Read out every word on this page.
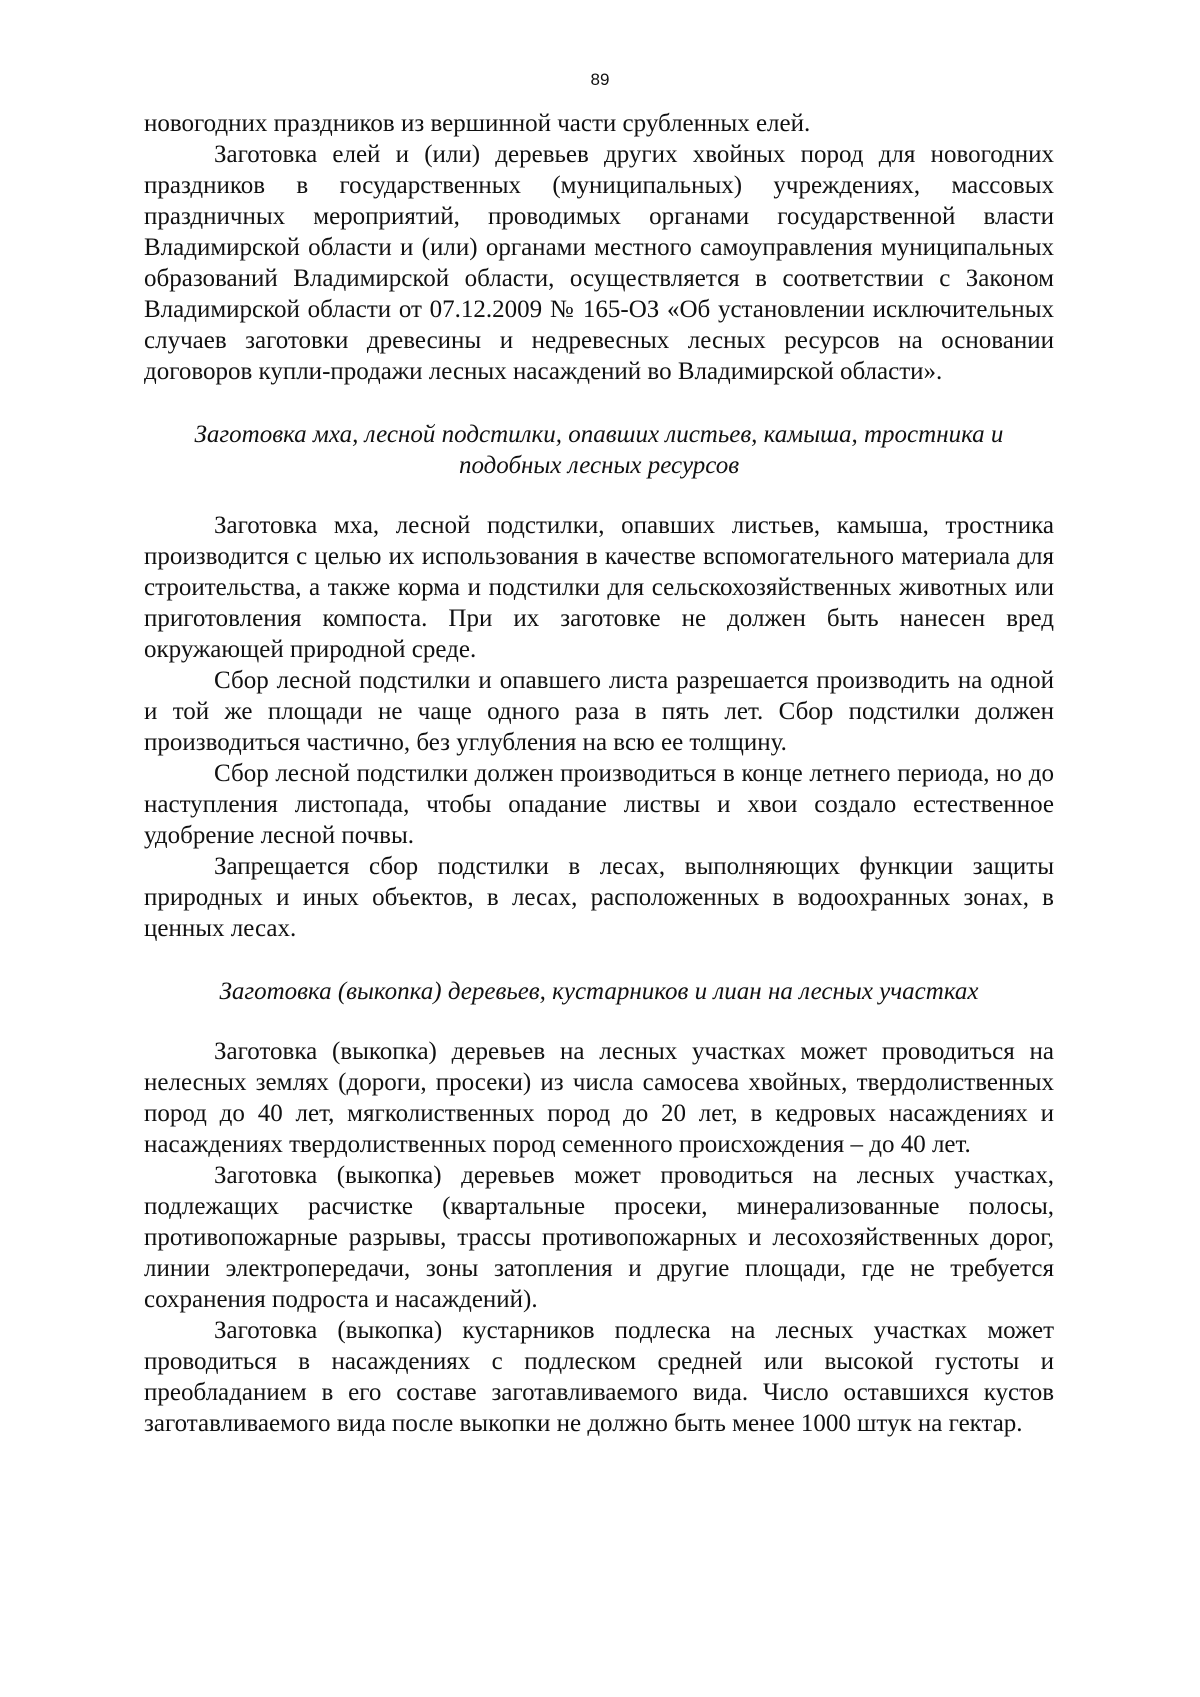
89

новогодних праздников из вершинной части срубленных елей.

Заготовка елей и (или) деревьев других хвойных пород для новогодних праздников в государственных (муниципальных) учреждениях, массовых праздничных мероприятий, проводимых органами государственной власти Владимирской области и (или) органами местного самоуправления муниципальных образований Владимирской области, осуществляется в соответствии с Законом Владимирской области от 07.12.2009 № 165-ОЗ «Об установлении исключительных случаев заготовки древесины и недревесных лесных ресурсов на основании договоров купли-продажи лесных насаждений во Владимирской области».

Заготовка мха, лесной подстилки, опавших листьев, камыша, тростника и подобных лесных ресурсов

Заготовка мха, лесной подстилки, опавших листьев, камыша, тростника производится с целью их использования в качестве вспомогательного материала для строительства, а также корма и подстилки для сельскохозяйственных животных или приготовления компоста. При их заготовке не должен быть нанесен вред окружающей природной среде.

Сбор лесной подстилки и опавшего листа разрешается производить на одной и той же площади не чаще одного раза в пять лет. Сбор подстилки должен производиться частично, без углубления на всю ее толщину.

Сбор лесной подстилки должен производиться в конце летнего периода, но до наступления листопада, чтобы опадание листвы и хвои создало естественное удобрение лесной почвы.

Запрещается сбор подстилки в лесах, выполняющих функции защиты природных и иных объектов, в лесах, расположенных в водоохранных зонах, в ценных лесах.

Заготовка (выкопка) деревьев, кустарников и лиан на лесных участках

Заготовка (выкопка) деревьев на лесных участках может проводиться на нелесных землях (дороги, просеки) из числа самосева хвойных, твердолиственных пород до 40 лет, мягколиственных пород до 20 лет, в кедровых насаждениях и насаждениях твердолиственных пород семенного происхождения – до 40 лет.

Заготовка (выкопка) деревьев может проводиться на лесных участках, подлежащих расчистке (квартальные просеки, минерализованные полосы, противопожарные разрывы, трассы противопожарных и лесохозяйственных дорог, линии электропередачи, зоны затопления и другие площади, где не требуется сохранения подроста и насаждений).

Заготовка (выкопка) кустарников подлеска на лесных участках может проводиться в насаждениях с подлеском средней или высокой густоты и преобладанием в его составе заготавливаемого вида. Число оставшихся кустов заготавливаемого вида после выкопки не должно быть менее 1000 штук на гектар.
